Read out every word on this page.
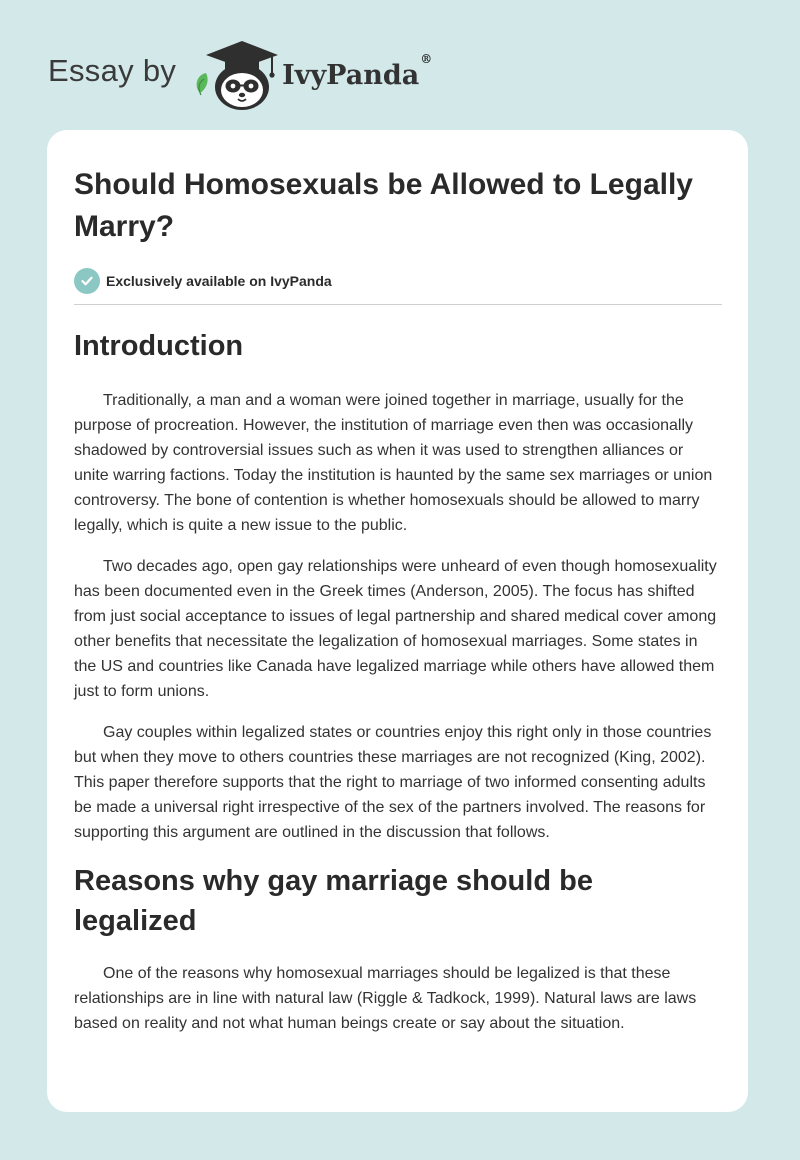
Essay by	IvyPanda®
Should Homosexuals be Allowed to Legally Marry?
Exclusively available on IvyPanda
Introduction

Traditionally, a man and a woman were joined together in marriage, usually for the purpose of procreation. However, the institution of marriage even then was occasionally shadowed by controversial issues such as when it was used to strengthen alliances or unite warring factions. Today the institution is haunted by the same sex marriages or union controversy. The bone of contention is whether homosexuals should be allowed to marry legally, which is quite a new issue to the public.

Two decades ago, open gay relationships were unheard of even though homosexuality has been documented even in the Greek times (Anderson, 2005). The focus has shifted from just social acceptance to issues of legal partnership and shared medical cover among other benefits that necessitate the legalization of homosexual marriages. Some states in the US and countries like Canada have legalized marriage while others have allowed them just to form unions.

Gay couples within legalized states or countries enjoy this right only in those countries but when they move to others countries these marriages are not recognized (King, 2002). This paper therefore supports that the right to marriage of two informed consenting adults be made a universal right irrespective of the sex of the partners involved. The reasons for supporting this argument are outlined in the discussion that follows.

Reasons why gay marriage should be legalized

One of the reasons why homosexual marriages should be legalized is that these relationships are in line with natural law (Riggle & Tadkock, 1999). Natural laws are laws based on reality and not what human beings create or say about the situation.
